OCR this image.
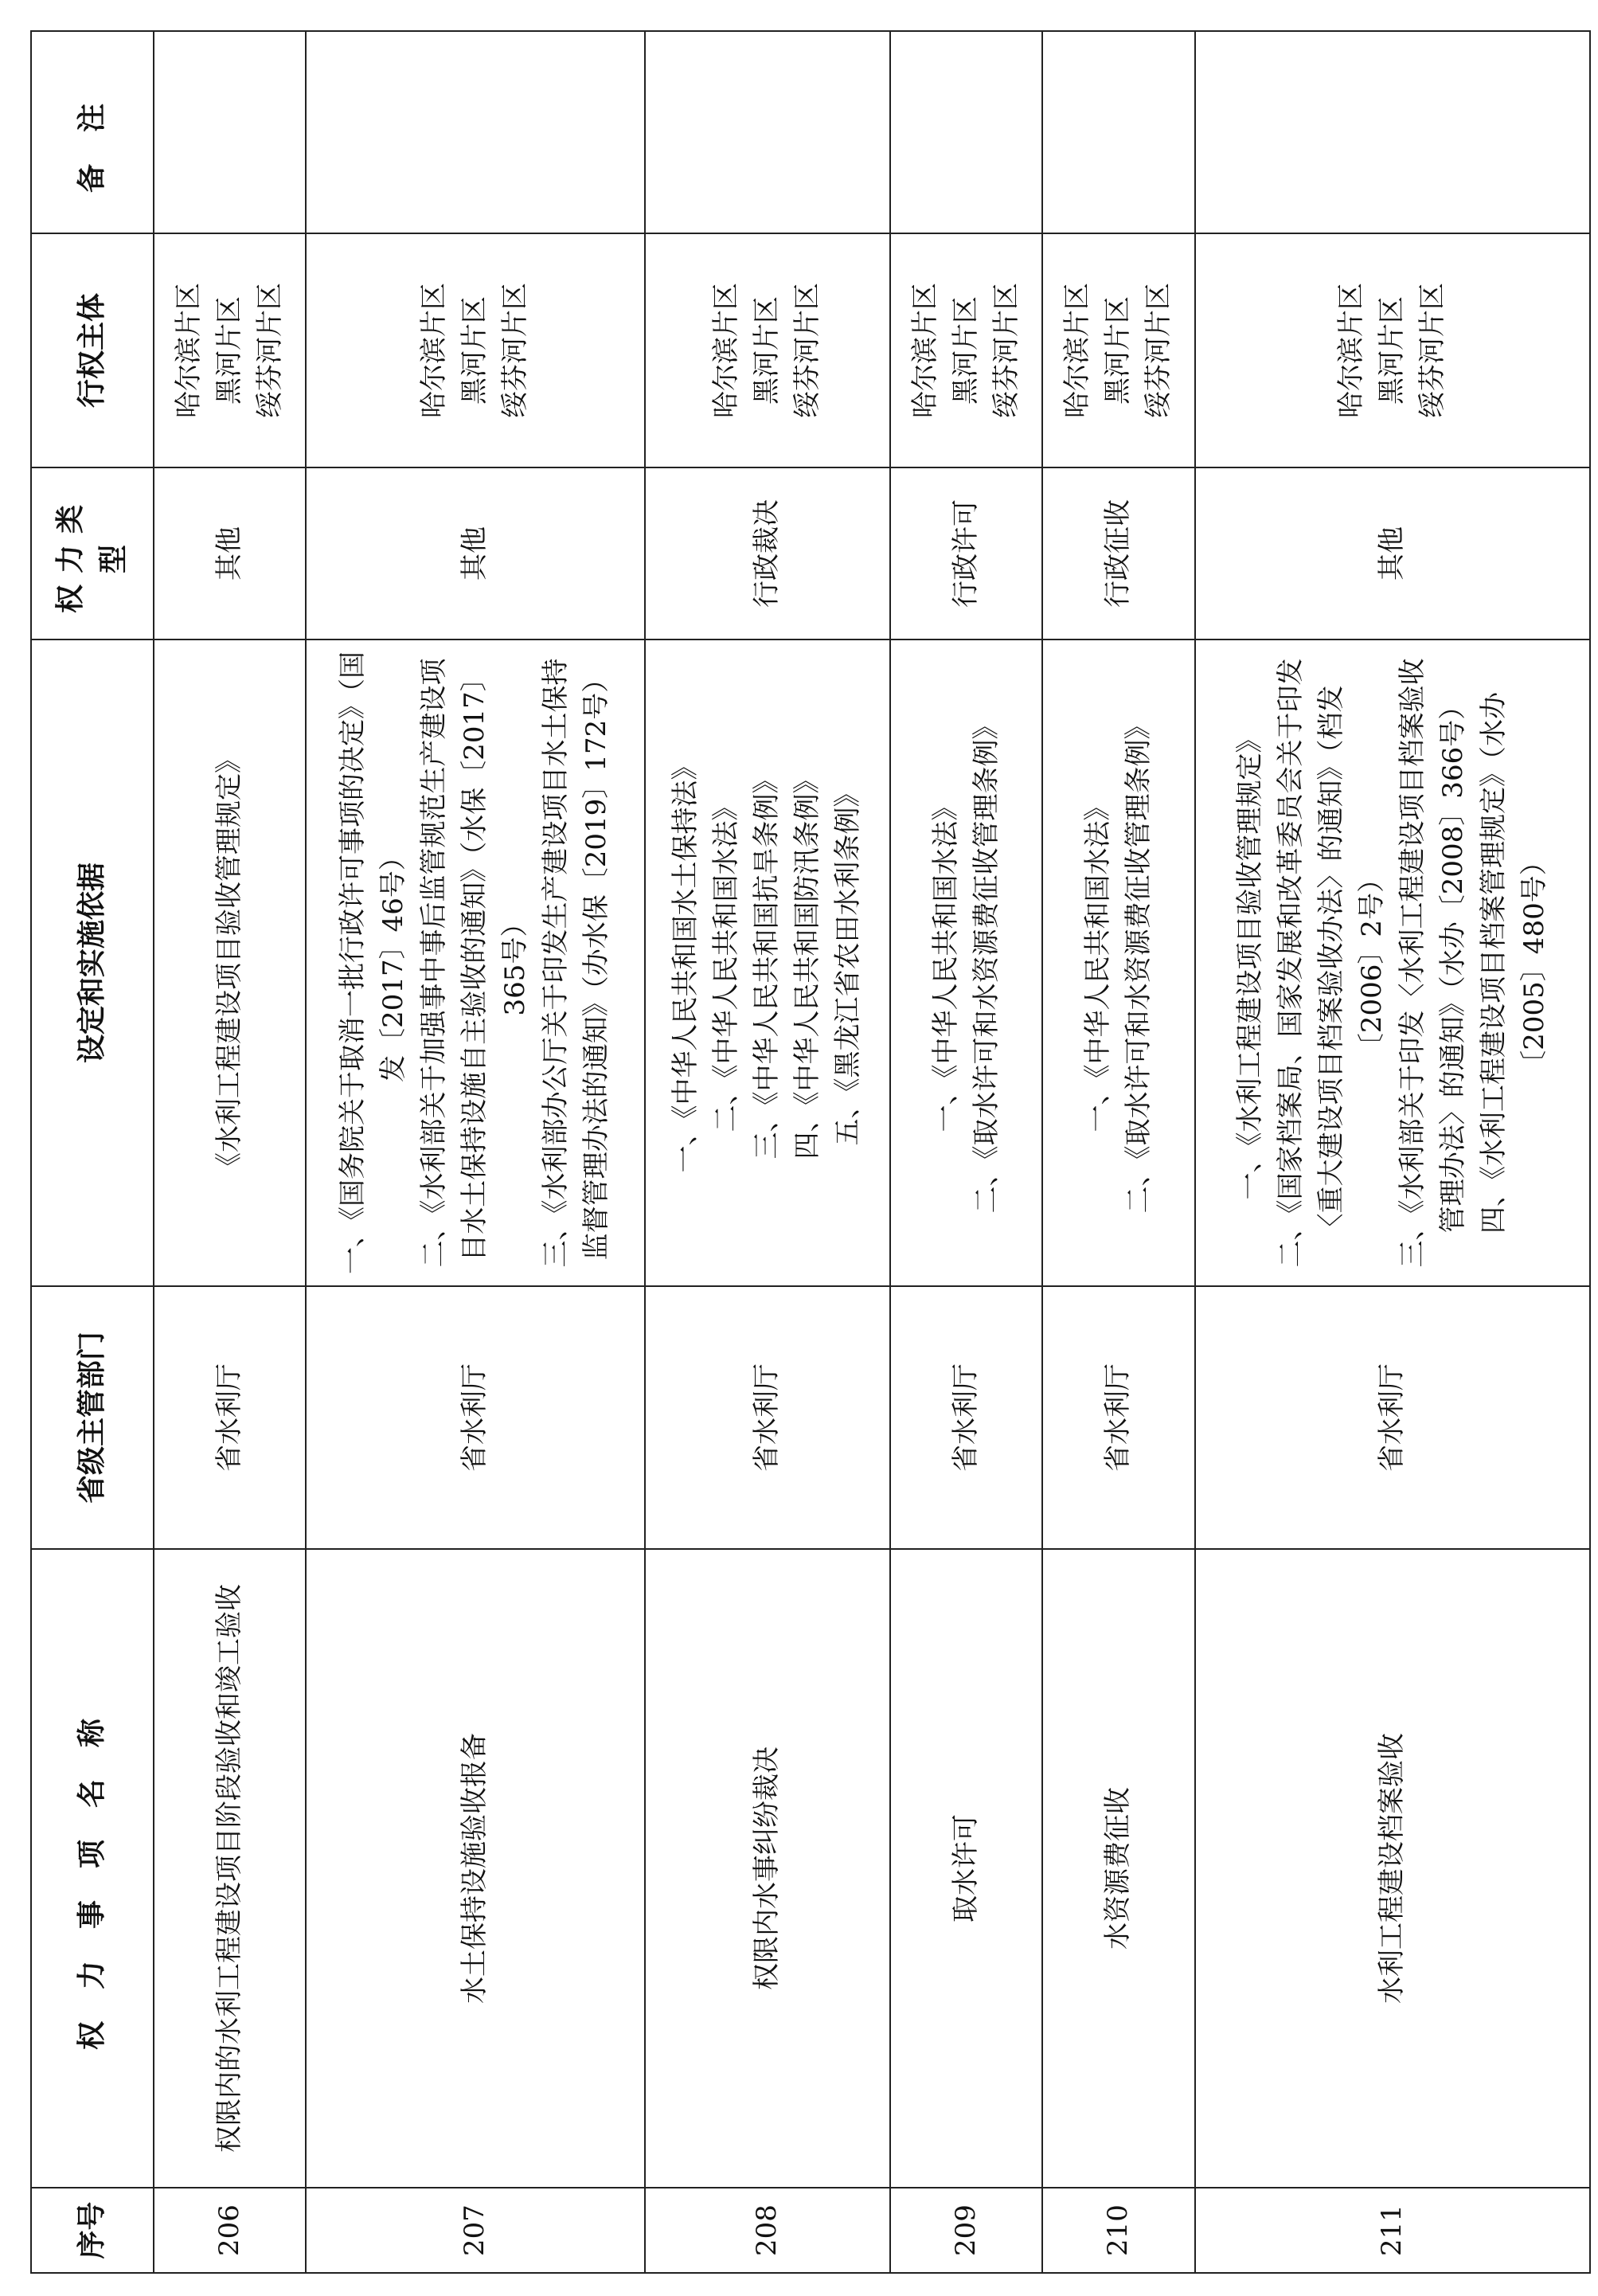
序号	权力事项名称	省级主管部门	设定和实施依据	权力类型	行权主体	备注
206	权限内的水利工程建设项目阶段验收和竣工验收	省水利厅	《水利工程建设项目验收管理规定》	其他	哈尔滨片区 黑河片区 绥芬河片区	

207	水土保持设施验收报备	省水利厅	一、《国务院关于取消一批行政许可事项的决定》（国发〔2017〕46号） 二、《水利部关于加强事中事后监管规范生产建设项目水土保持设施自主验收的通知》（水保〔2017〕365号） 三、《水利部办公厅关于印发生产建设项目水土保持监督管理办法的通知》（办水保〔2019〕172号）	其他	哈尔滨片区 黑河片区 绥芬河片区	

208	权限内水事纠纷裁决	省水利厅	一、《中华人民共和国水土保持法》 二、《中华人民共和国水法》 三、《中华人民共和国抗旱条例》 四、《中华人民共和国防汛条例》 五、《黑龙江省农田水利条例》	行政裁决	哈尔滨片区 黑河片区 绥芬河片区	

209	取水许可	省水利厅	一、《中华人民共和国水法》 二、《取水许可和水资源费征收管理条例》	行政许可	哈尔滨片区 黑河片区 绥芬河片区	

210	水资源费征收	省水利厅	一、《中华人民共和国水法》 二、《取水许可和水资源费征收管理条例》	行政征收	哈尔滨片区 黑河片区 绥芬河片区	

211	水利工程建设档案验收	省水利厅	一、《水利工程建设项目验收管理规定》 二、《国家档案局、国家发展和改革委员会关于印发〈重大建设项目档案验收办法〉的通知》（档发〔2006〕2号） 三、《水利部关于印发〈水利工程建设项目档案验收管理办法〉的通知》（水办〔2008〕366号） 四、《水利工程建设项目档案管理规定》（水办〔2005〕480号）	其他	哈尔滨片区 黑河片区 绥芬河片区	
